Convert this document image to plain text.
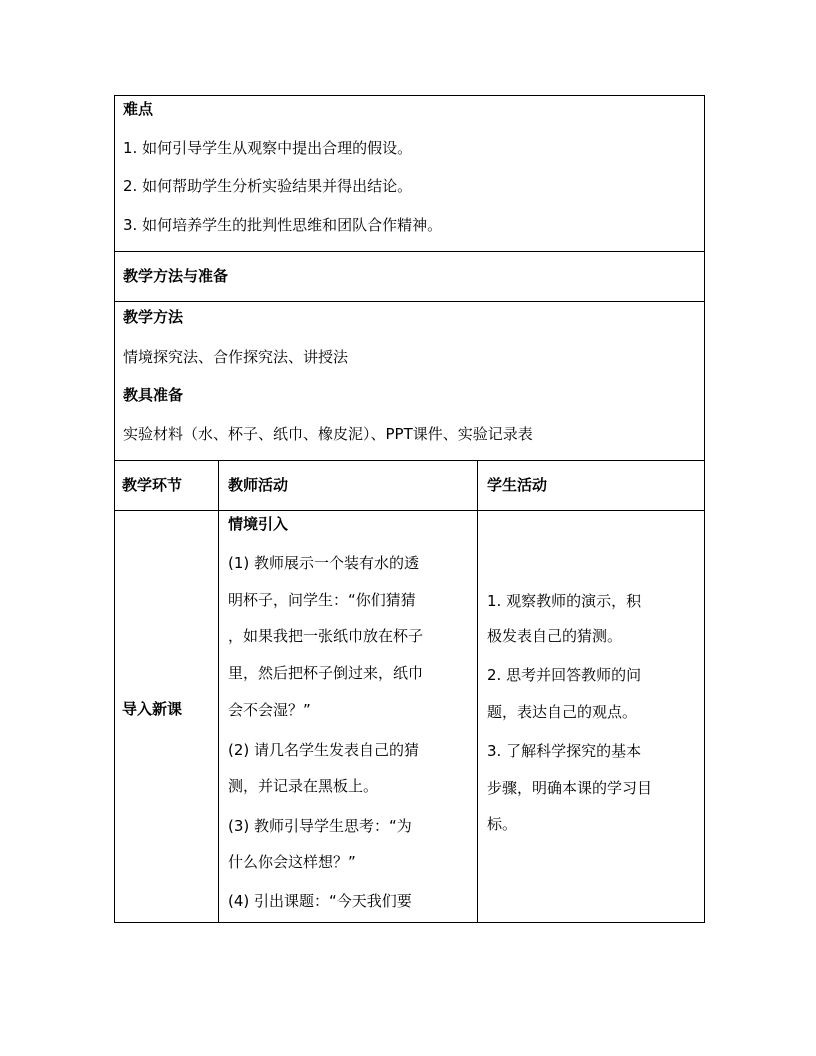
难点
1. 如何引导学生从观察中提出合理的假设。
2. 如何帮助学生分析实验结果并得出结论。
3. 如何培养学生的批判性思维和团队合作精神。
教学方法与准备
教学方法
情境探究法、合作探究法、讲授法
教具准备
实验材料（水、杯子、纸巾、橡皮泥）、PPT课件、实验记录表
教学环节	教师活动	学生活动
导入新课
情境引入
(1) 教师展示一个装有水的透
明杯子，问学生：“你们猜猜
，如果我把一张纸巾放在杯子
里，然后把杯子倒过来，纸巾
会不会湿？”
(2) 请几名学生发表自己的猜
测，并记录在黑板上。
(3) 教师引导学生思考：“为
什么你会这样想？”
(4) 引出课题：“今天我们要
1. 观察教师的演示，积
极发表自己的猜测。
2. 思考并回答教师的问
题，表达自己的观点。
3. 了解科学探究的基本
步骤，明确本课的学习目
标。
